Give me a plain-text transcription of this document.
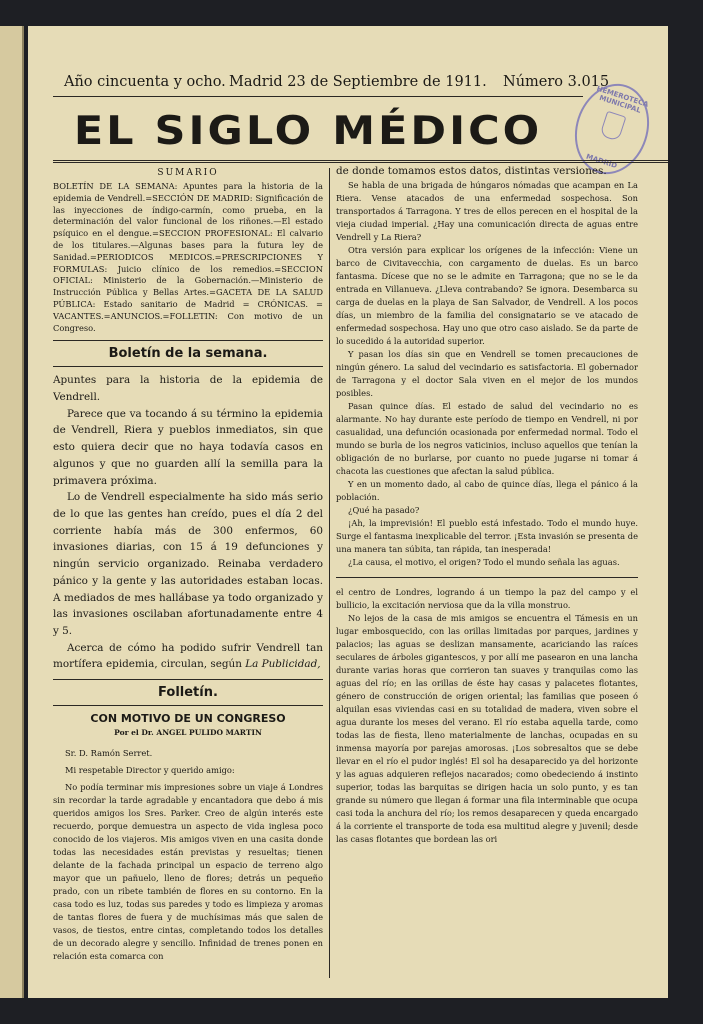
Año cincuenta y ocho. Madrid 23 de Septiembre de 1911. Número 3.015
EL SIGLO MÉDICO
HEMEROTECA MUNICIPAL
MADRID
SUMARIO

BOLETÍN DE LA SEMANA: Apuntes para la historia de la epidemia de Vendrell.=SECCIÓN DE MADRID: Significación de las inyecciones de índigo-carmín, como prueba, en la determinación del valor funcional de los riñones.—El estado psíquico en el dengue.=SECCION PROFESIONAL: El calvario de los titulares.—Algunas bases para la futura ley de Sanidad.=PERIODICOS MEDICOS.=PRESCRIPCIONES Y FORMULAS: Juicio clínico de los remedios.=SECCION OFICIAL: Ministerio de la Gobernación.—Ministerio de Instrucción Pública y Bellas Artes.=GACETA DE LA SALUD PÚBLICA: Estado sanitario de Madrid = CRÓNICAS. = VACANTES.=ANUNCIOS.=FOLLETIN: Con motivo de un Congreso.

Boletín de la semana.

Apuntes para la historia de la epidemia de Vendrell.

Parece que va tocando á su término la epidemia de Vendrell, Riera y pueblos inmediatos, sin que esto quiera decir que no haya todavía casos en algunos y que no guarden allí la semilla para la primavera próxima.

Lo de Vendrell especialmente ha sido más serio de lo que las gentes han creído, pues el día 2 del corriente había más de 300 enfermos, 60 invasiones diarias, con 15 á 19 defunciones y ningún servicio organizado. Reinaba verdadero pánico y la gente y las autoridades estaban locas. A mediados de mes hallábase ya todo organizado y las invasiones oscilaban afortunadamente entre 4 y 5.

Acerca de cómo ha podido sufrir Vendrell tan mortífera epidemia, circulan, según La Publicidad,

Folletín.
CON MOTIVO DE UN CONGRESO
Por el Dr. ANGEL PULIDO MARTIN

Sr. D. Ramón Serret.

Mi respetable Director y querido amigo:

No podía terminar mis impresiones sobre un viaje á Londres sin recordar la tarde agradable y encantadora que debo á mis queridos amigos los Sres. Parker. Creo de algún interés este recuerdo, porque demuestra un aspecto de vida inglesa poco conocido de los viajeros. Mis amigos viven en una casita donde todas las necesidades están previstas y resueltas; tienen delante de la fachada principal un espacio de terreno algo mayor que un pañuelo, lleno de flores; detrás un pequeño prado, con un ribete también de flores en su contorno. En la casa todo es luz, todas sus paredes y todo es limpieza y aromas de tantas flores de fuera y de muchísimas más que salen de vasos, de tiestos, entre cintas, completando todos los detalles de un decorado alegre y sencillo. Infinidad de trenes ponen en relación esta comarca con

de donde tomamos estos datos, distintas versiones.

Se habla de una brigada de húngaros nómadas que acampan en La Riera. Vense atacados de una enfermedad sospechosa. Son transportados á Tarragona. Y tres de ellos perecen en el hospital de la vieja ciudad imperial. ¿Hay una comunicación directa de aguas entre Vendrell y La Riera?

Otra versión para explicar los orígenes de la infección: Viene un barco de Civitavecchia, con cargamento de duelas. Es un barco fantasma. Dícese que no se le admite en Tarragona; que no se le da entrada en Villanueva. ¿Lleva contrabando? Se ignora. Desembarca su carga de duelas en la playa de San Salvador, de Vendrell. A los pocos días, un miembro de la familia del consignatario se ve atacado de enfermedad sospechosa. Hay uno que otro caso aislado. Se da parte de lo sucedido á la autoridad superior.

Y pasan los días sin que en Vendrell se tomen precauciones de ningún género. La salud del vecindario es satisfactoria. El gobernador de Tarragona y el doctor Sala viven en el mejor de los mundos posibles.

Pasan quince días. El estado de salud del vecindario no es alarmante. No hay durante este período de tiempo en Vendrell, ni por casualidad, una defunción ocasionada por enfermedad normal. Todo el mundo se burla de los negros vaticinios, incluso aquellos que tenían la obligación de no burlarse, por cuanto no puede jugarse ni tomar á chacota las cuestiones que afectan la salud pública.

Y en un momento dado, al cabo de quince días, llega el pánico á la población.

¿Qué ha pasado?

¡Ah, la imprevisión! El pueblo está infestado. Todo el mundo huye. Surge el fantasma inexplicable del terror. ¡Esta invasión se presenta de una manera tan súbita, tan rápida, tan inesperada!

¿La causa, el motivo, el origen? Todo el mundo señala las aguas.

el centro de Londres, logrando á un tiempo la paz del campo y el bullicio, la excitación nerviosa que da la villa monstruo.

No lejos de la casa de mis amigos se encuentra el Támesis en un lugar embosquecido, con las orillas limitadas por parques, jardines y palacios; las aguas se deslizan mansamente, acariciando las raíces seculares de árboles gigantescos, y por allí me pasearon en una lancha durante varias horas que corrieron tan suaves y tranquilas como las aguas del río; en las orillas de éste hay casas y palacetes flotantes, género de construcción de origen oriental; las familias que poseen ó alquilan esas viviendas casi en su totalidad de madera, viven sobre el agua durante los meses del verano. El río estaba aquella tarde, como todas las de fiesta, lleno materialmente de lanchas, ocupadas en su inmensa mayoría por parejas amorosas. ¡Los sobresaltos que se debe llevar en el río el pudor inglés! El sol ha desaparecido ya del horizonte y las aguas adquieren reflejos nacarados; como obedeciendo á instinto superior, todas las barquitas se dirigen hacia un solo punto, y es tan grande su número que llegan á formar una fila interminable que ocupa casi toda la anchura del río; los remos desaparecen y queda encargado á la corriente el transporte de toda esa multitud alegre y juvenil; desde las casas flotantes que bordean las ori
